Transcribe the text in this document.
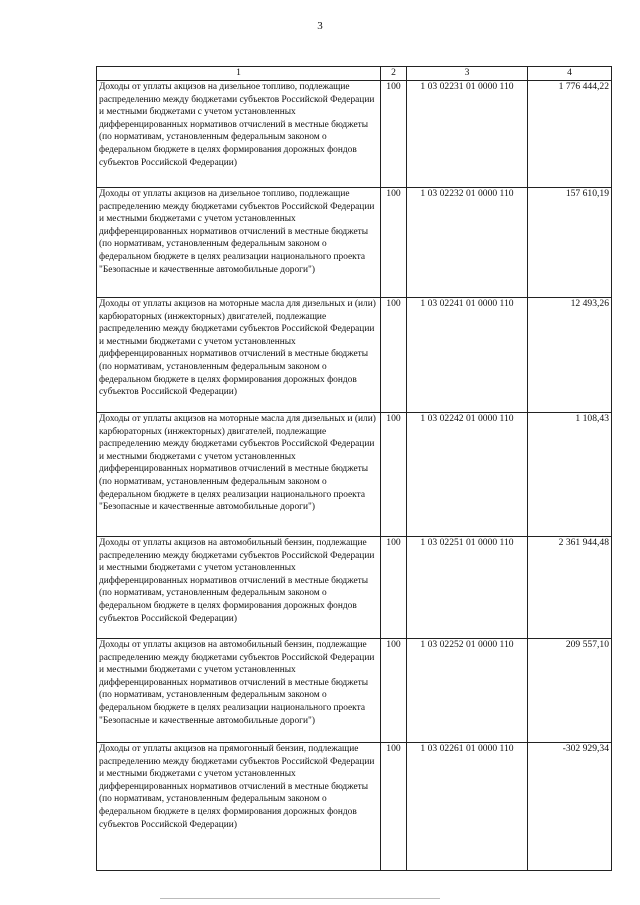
3
1	2	3	4
Доходы от уплаты акцизов на дизельное топливо, подлежащие распределению между бюджетами субъектов Российской Федерации и местными бюджетами с учетом установленных дифференцированных нормативов отчислений в местные бюджеты (по нормативам, установленным федеральным законом о федеральном бюджете в целях формирования дорожных фондов субъектов Российской Федерации)	100	1 03 02231 01 0000 110	1 776 444,22
Доходы от уплаты акцизов на дизельное топливо, подлежащие распределению между бюджетами субъектов Российской Федерации и местными бюджетами с учетом установленных дифференцированных нормативов отчислений в местные бюджеты (по нормативам, установленным федеральным законом о федеральном бюджете в целях реализации национального проекта "Безопасные и качественные автомобильные дороги")	100	1 03 02232 01 0000 110	157 610,19
Доходы от уплаты акцизов на моторные масла для дизельных и (или) карбюраторных (инжекторных) двигателей, подлежащие распределению между бюджетами субъектов Российской Федерации и местными бюджетами с учетом установленных дифференцированных нормативов отчислений в местные бюджеты (по нормативам, установленным федеральным законом о федеральном бюджете в целях формирования дорожных фондов субъектов Российской Федерации)	100	1 03 02241 01 0000 110	12 493,26
Доходы от уплаты акцизов на моторные масла для дизельных и (или) карбюраторных (инжекторных) двигателей, подлежащие распределению между бюджетами субъектов Российской Федерации и местными бюджетами с учетом установленных дифференцированных нормативов отчислений в местные бюджеты (по нормативам, установленным федеральным законом о федеральном бюджете в целях реализации национального проекта "Безопасные и качественные автомобильные дороги")	100	1 03 02242 01 0000 110	1 108,43
Доходы от уплаты акцизов на автомобильный бензин, подлежащие распределению между бюджетами субъектов Российской Федерации и местными бюджетами с учетом установленных дифференцированных нормативов отчислений в местные бюджеты (по нормативам, установленным федеральным законом о федеральном бюджете в целях формирования дорожных фондов субъектов Российской Федерации)	100	1 03 02251 01 0000 110	2 361 944,48
Доходы от уплаты акцизов на автомобильный бензин, подлежащие распределению между бюджетами субъектов Российской Федерации и местными бюджетами с учетом установленных дифференцированных нормативов отчислений в местные бюджеты (по нормативам, установленным федеральным законом о федеральном бюджете в целях реализации национального проекта "Безопасные и качественные автомобильные дороги")	100	1 03 02252 01 0000 110	209 557,10
Доходы от уплаты акцизов на прямогонный бензин, подлежащие распределению между бюджетами субъектов Российской Федерации и местными бюджетами с учетом установленных дифференцированных нормативов отчислений в местные бюджеты (по нормативам, установленным федеральным законом о федеральном бюджете в целях формирования дорожных фондов субъектов Российской Федерации)	100	1 03 02261 01 0000 110	-302 929,34
